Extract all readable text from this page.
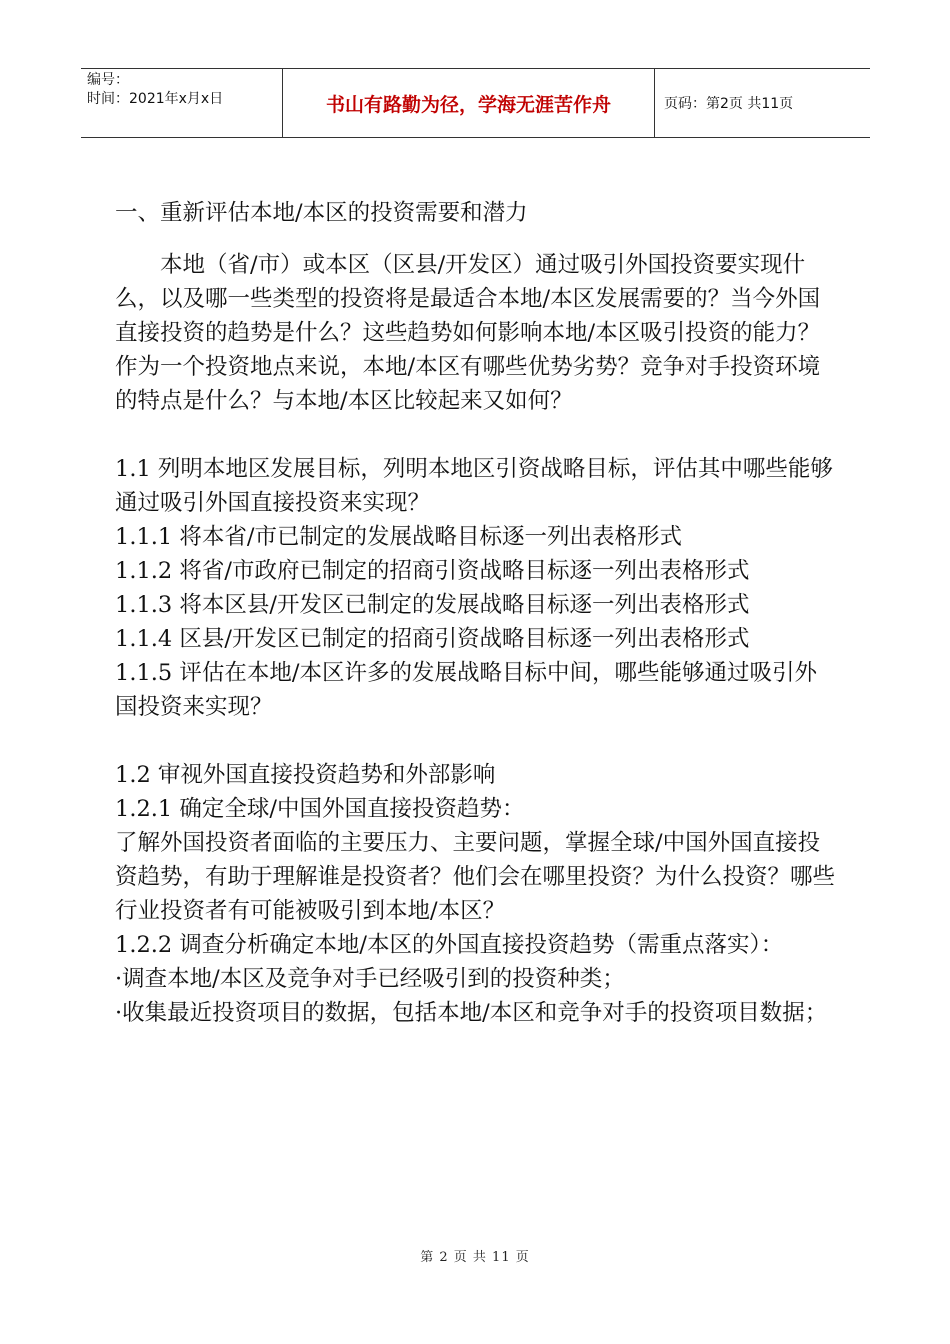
编号：
时间：2021年x月x日	书山有路勤为径，学海无涯苦作舟	页码：第2页 共11页

一、重新评估本地/本区的投资需要和潜力

本地（省/市）或本区（区县/开发区）通过吸引外国投资要实现什么，以及哪一些类型的投资将是最适合本地/本区发展需要的？当今外国直接投资的趋势是什么？这些趋势如何影响本地/本区吸引投资的能力？作为一个投资地点来说，本地/本区有哪些优势劣势？竞争对手投资环境的特点是什么？与本地/本区比较起来又如何？

1.1 列明本地区发展目标，列明本地区引资战略目标，评估其中哪些能够通过吸引外国直接投资来实现？

1.1.1 将本省/市已制定的发展战略目标逐一列出表格形式

1.1.2 将省/市政府已制定的招商引资战略目标逐一列出表格形式

1.1.3 将本区县/开发区已制定的发展战略目标逐一列出表格形式

1.1.4 区县/开发区已制定的招商引资战略目标逐一列出表格形式

1.1.5 评估在本地/本区许多的发展战略目标中间，哪些能够通过吸引外国投资来实现？

1.2 审视外国直接投资趋势和外部影响

1.2.1 确定全球/中国外国直接投资趋势：

了解外国投资者面临的主要压力、主要问题，掌握全球/中国外国直接投资趋势，有助于理解谁是投资者？他们会在哪里投资？为什么投资？哪些行业投资者有可能被吸引到本地/本区？

1.2.2 调查分析确定本地/本区的外国直接投资趋势（需重点落实）：

·调查本地/本区及竞争对手已经吸引到的投资种类；

·收集最近投资项目的数据，包括本地/本区和竞争对手的投资项目数据；

第 2 页 共 11 页
